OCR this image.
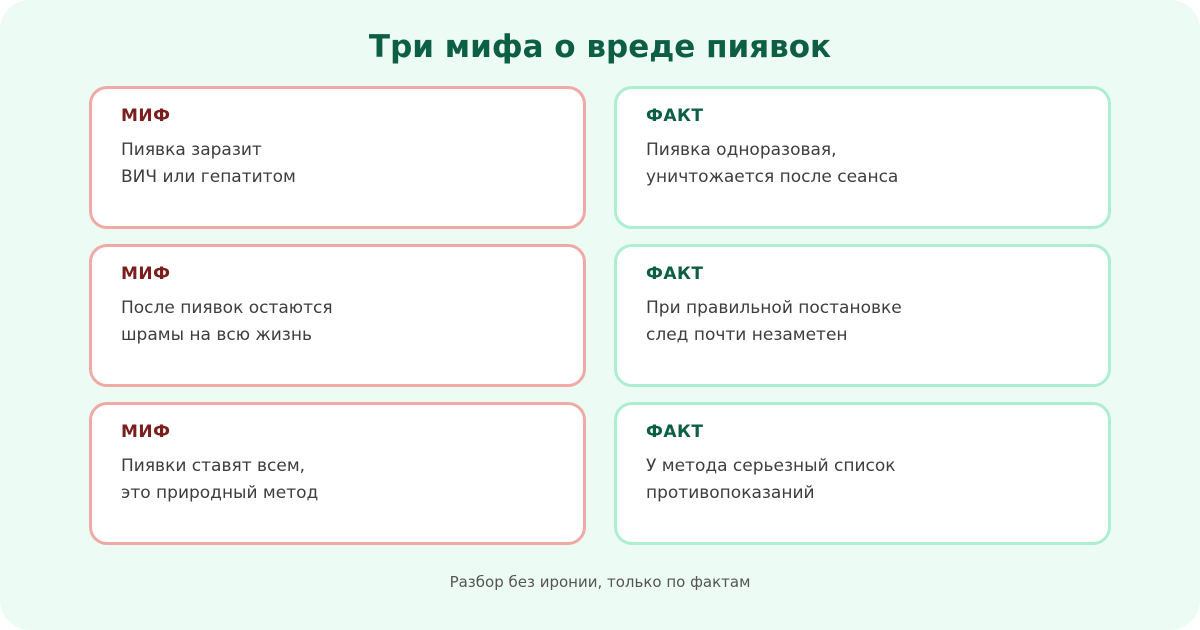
Три мифа о вреде пиявок
МИФ
Пиявка заразит
ВИЧ или гепатитом
ФАКТ
Пиявка одноразовая,
уничтожается после сеанса
МИФ
После пиявок остаются
шрамы на всю жизнь
ФАКТ
При правильной постановке
след почти незаметен
МИФ
Пиявки ставят всем,
это природный метод
ФАКТ
У метода серьезный список
противопоказаний
Разбор без иронии, только по фактам
